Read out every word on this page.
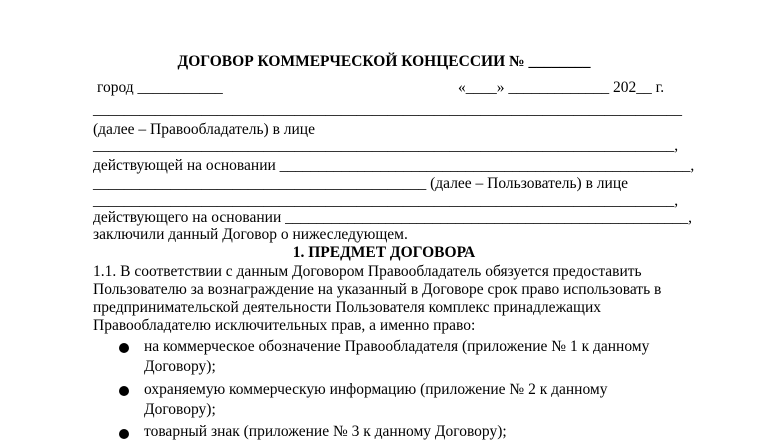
ДОГОВОР КОММЕРЧЕСКОЙ КОНЦЕССИИ № ________
город ___________	«____» _____________ 202__ г.
____________________________________________________________________________
(далее – Правообладатель) в лице
___________________________________________________________________________,
действующей на основании _____________________________________________________,
___________________________________________ (далее – Пользователь) в лице
___________________________________________________________________________,
действующего на основании ____________________________________________________,
заключили данный Договор о нижеследующем.
1. ПРЕДМЕТ ДОГОВОРА
1.1. В соответствии с данным Договором Правообладатель обязуется предоставить
Пользователю за вознаграждение на указанный в Договоре срок право использовать в
предпринимательской деятельности Пользователя комплекс принадлежащих
Правообладателю исключительных прав, а именно право:
на коммерческое обозначение Правообладателя (приложение № 1 к данному
Договору);
охраняемую коммерческую информацию (приложение № 2 к данному
Договору);
товарный знак (приложение № 3 к данному Договору);
